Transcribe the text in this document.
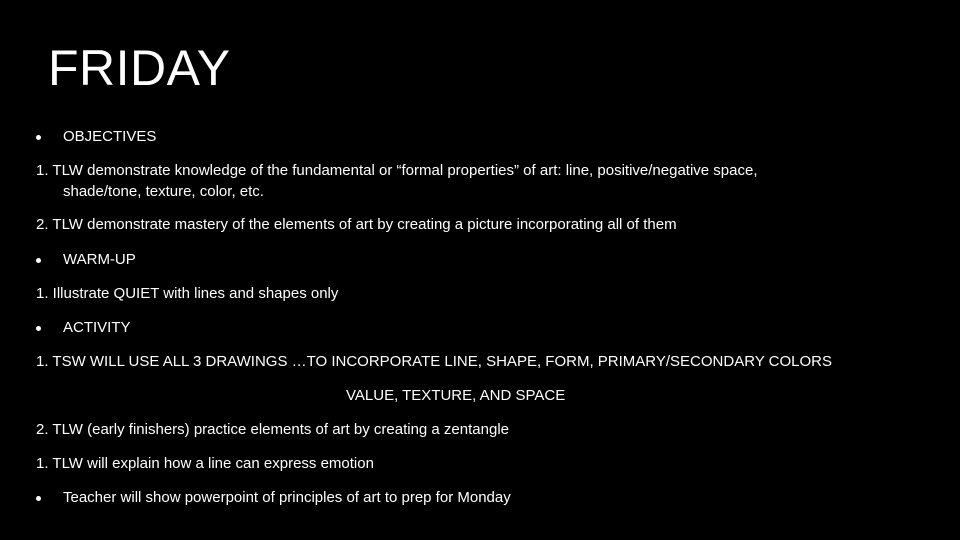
FRIDAY
OBJECTIVES
1. TLW demonstrate knowledge of the fundamental or “formal properties” of art: line, positive/negative space,
shade/tone, texture, color, etc.
2. TLW demonstrate mastery of the elements of art by creating a picture incorporating all of them
WARM-UP
1. Illustrate QUIET with lines and shapes only
ACTIVITY
1. TSW WILL USE ALL 3 DRAWINGS …TO INCORPORATE LINE, SHAPE, FORM, PRIMARY/SECONDARY COLORS
VALUE, TEXTURE, AND SPACE
2. TLW (early finishers) practice elements of art by creating a zentangle
1. TLW will explain how a line can express emotion
Teacher will show powerpoint of principles of art to prep for Monday
